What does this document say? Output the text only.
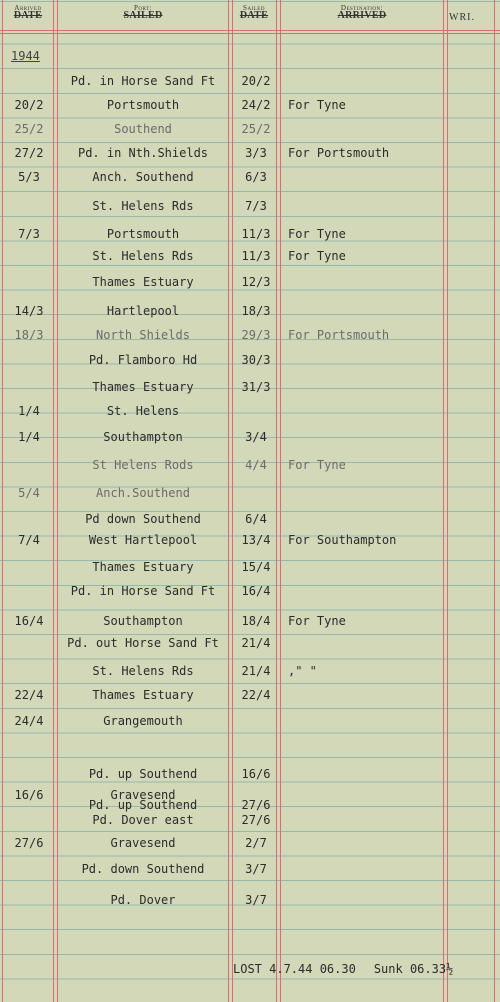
Arrived
DATE
Port:
SAILED
Sailed
DATE
Destination:
ARRIVED	WRI.
1944
Pd. in Horse Sand Ft	20/2
20/2	Portsmouth	24/2	For Tyne
25/2	Southend	25/2
27/2	Pd. in Nth.Shields	3/3	For Portsmouth
5/3	Anch. Southend	6/3
St. Helens Rds	7/3
7/3	Portsmouth	11/3	For Tyne
St. Helens Rds	11/3	For Tyne
Thames Estuary	12/3
14/3	Hartlepool	18/3
18/3	North Shields	29/3	For Portsmouth
Pd. Flamboro Hd	30/3
Thames Estuary	31/3
1/4	St. Helens
1/4	Southampton	3/4
St Helens Rods	4/4	For Tyne
5/4	Anch.Southend
Pd down Southend	6/4
7/4	West Hartlepool	13/4	For Southampton
Thames Estuary	15/4
Pd. in Horse Sand Ft	16/4
16/4	Southampton	18/4	For Tyne
Pd. out Horse Sand Ft	21/4
St. Helens Rds	21/4	," "
22/4	Thames Estuary	22/4
24/4	Grangemouth
Pd. up Southend	16/6
16/6	Gravesend
Pd. up Southend	27/6
Pd. Dover east	27/6
27/6	Gravesend	2/7
Pd. down Southend	3/7
Pd. Dover	3/7
LOST 4.7.44 06.30 Sunk 06.33½
